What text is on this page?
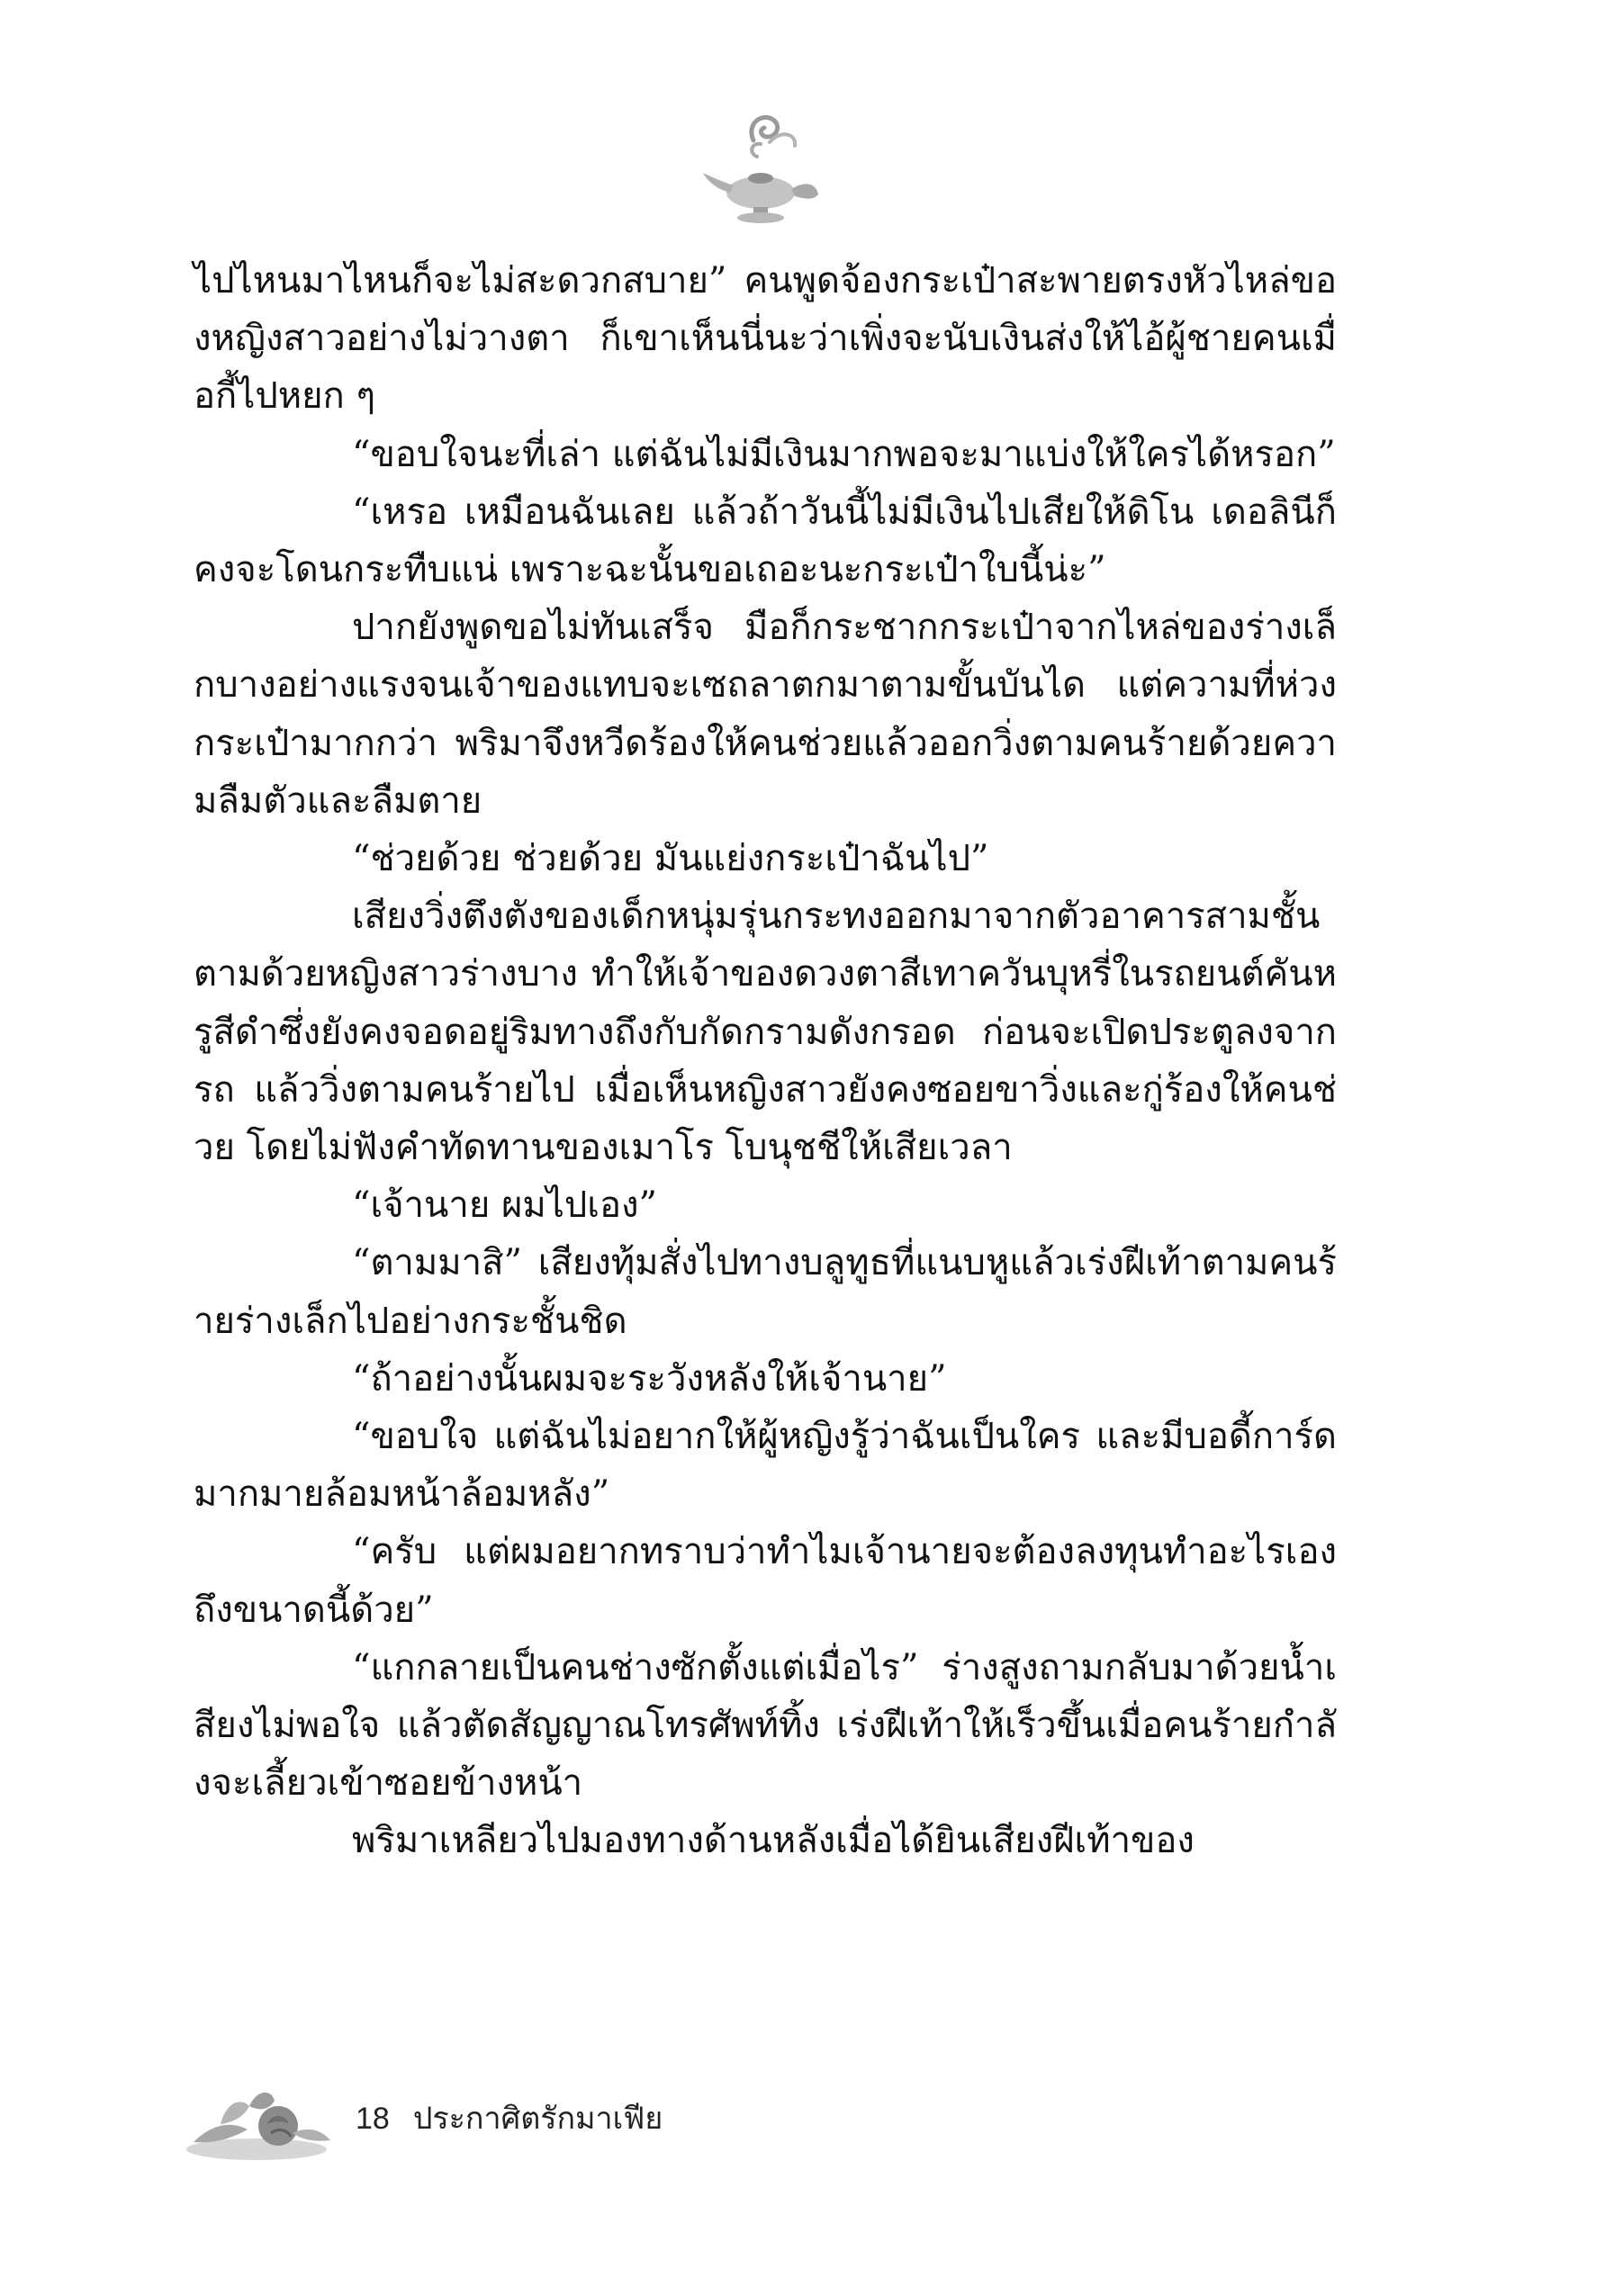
ไปไหนมาไหนก็จะไม่สะดวกสบาย” คนพูดจ้องกระเป๋าสะพายตรงหัวไหล่ของหญิงสาวอย่างไม่วางตา ก็เขาเห็นนี่นะว่าเพิ่งจะนับเงินส่งให้ไอ้ผู้ชายคนเมื่อกี้ไปหยก ๆ

“ขอบใจนะที่เล่า แต่ฉันไม่มีเงินมากพอจะมาแบ่งให้ใครได้หรอก”

“เหรอ เหมือนฉันเลย แล้วถ้าวันนี้ไม่มีเงินไปเสียให้ดิโน เดอลินีก็คงจะโดนกระทืบแน่ เพราะฉะนั้นขอเถอะนะกระเป๋าใบนี้น่ะ”

ปากยังพูดขอไม่ทันเสร็จ มือก็กระชากกระเป๋าจากไหล่ของร่างเล็กบางอย่างแรงจนเจ้าของแทบจะเซถลาตกมาตามขั้นบันได แต่ความที่ห่วงกระเป๋ามากกว่า พริมาจึงหวีดร้องให้คนช่วยแล้วออกวิ่งตามคนร้ายด้วยความลืมตัวและลืมตาย

“ช่วยด้วย ช่วยด้วย มันแย่งกระเป๋าฉันไป”

เสียงวิ่งตึงตังของเด็กหนุ่มรุ่นกระทงออกมาจากตัวอาคารสามชั้นตามด้วยหญิงสาวร่างบาง ทำให้เจ้าของดวงตาสีเทาควันบุหรี่ในรถยนต์คันหรูสีดำซึ่งยังคงจอดอยู่ริมทางถึงกับกัดกรามดังกรอด ก่อนจะเปิดประตูลงจากรถ แล้ววิ่งตามคนร้ายไป เมื่อเห็นหญิงสาวยังคงซอยขาวิ่งและกู่ร้องให้คนช่วย โดยไม่ฟังคำทัดทานของเมาโร โบนุชชีให้เสียเวลา

“เจ้านาย ผมไปเอง”

“ตามมาสิ” เสียงทุ้มสั่งไปทางบลูทูธที่แนบหูแล้วเร่งฝีเท้าตามคนร้ายร่างเล็กไปอย่างกระชั้นชิด

“ถ้าอย่างนั้นผมจะระวังหลังให้เจ้านาย”

“ขอบใจ แต่ฉันไม่อยากให้ผู้หญิงรู้ว่าฉันเป็นใคร และมีบอดี้การ์ดมากมายล้อมหน้าล้อมหลัง”

“ครับ แต่ผมอยากทราบว่าทำไมเจ้านายจะต้องลงทุนทำอะไรเองถึงขนาดนี้ด้วย”

“แกกลายเป็นคนช่างซักตั้งแต่เมื่อไร” ร่างสูงถามกลับมาด้วยน้ำเสียงไม่พอใจ แล้วตัดสัญญาณโทรศัพท์ทิ้ง เร่งฝีเท้าให้เร็วขึ้นเมื่อคนร้ายกำลังจะเลี้ยวเข้าซอยข้างหน้า

พริมาเหลียวไปมองทางด้านหลังเมื่อได้ยินเสียงฝีเท้าของ

18 ประกาศิตรักมาเฟีย
